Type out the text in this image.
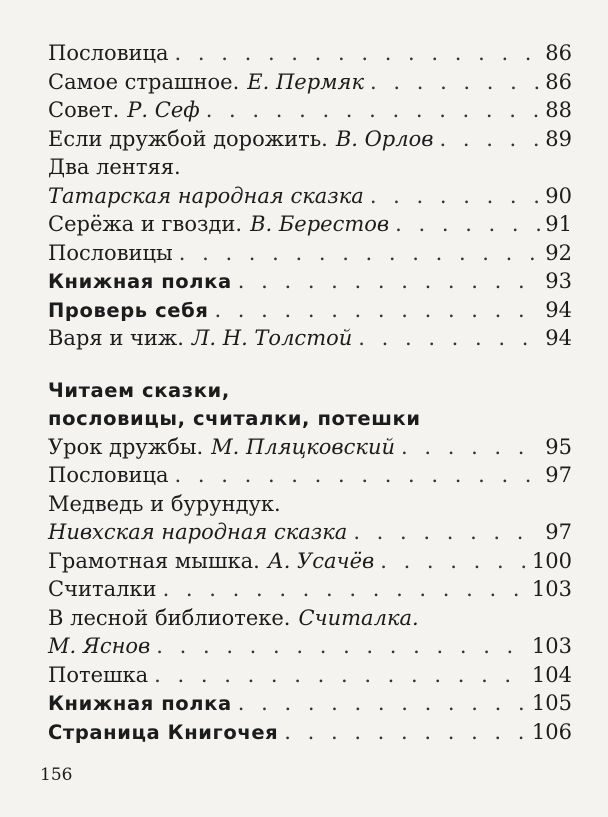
Пословица . . .	86
Самое страшное. Е. Пермяк . . .	86
Совет. Р. Сеф . . .	88
Если дружбой дорожить. В. Орлов . . .	89
Два лентяя.
Татарская народная сказка . . .	90
Серёжа и гвозди. В. Берестов . . .	91
Пословицы . . .	92
Книжная полка . . .	93
Проверь себя . . .	94
Варя и чиж. Л. Н. Толстой . . .	94
Читаем сказки,
пословицы, считалки, потешки
Урок дружбы. М. Пляцковский . . .	95
Пословица . . .	97
Медведь и бурундук.
Нивхская народная сказка . . .	97
Грамотная мышка. А. Усачёв . . .	100
Считалки . . .	103
В лесной библиотеке. Считалка.
М. Яснов . . .	103
Потешка . . .	104
Книжная полка . . .	105
Страница Книгочея . . .	106
156
